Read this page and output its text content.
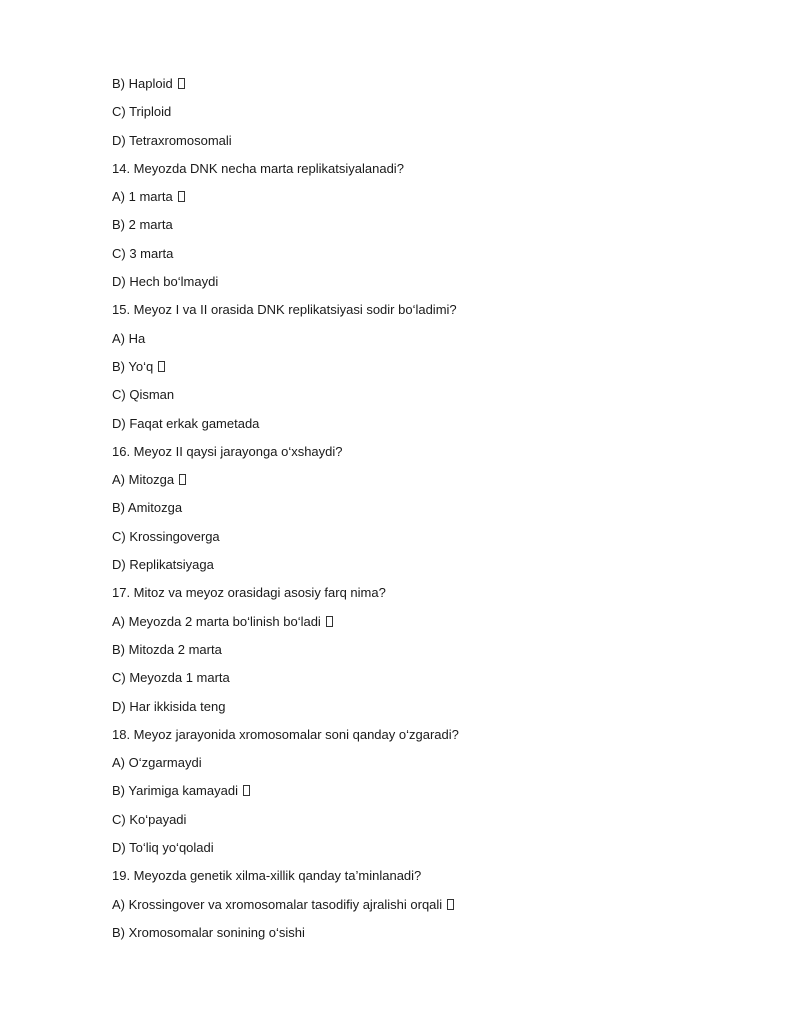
B) Haploid
C) Triploid
D) Tetraxromosomali
14. Meyozda DNK necha marta replikatsiyalanadi?
A) 1 marta
B) 2 marta
C) 3 marta
D) Hech bo‘lmaydi
15. Meyoz I va II orasida DNK replikatsiyasi sodir bo‘ladimi?
A) Ha
B) Yo‘q
C) Qisman
D) Faqat erkak gametada
16. Meyoz II qaysi jarayonga o‘xshaydi?
A) Mitozga
B) Amitozga
C) Krossingoverga
D) Replikatsiyaga
17. Mitoz va meyoz orasidagi asosiy farq nima?
A) Meyozda 2 marta bo‘linish bo‘ladi
B) Mitozda 2 marta
C) Meyozda 1 marta
D) Har ikkisida teng
18. Meyoz jarayonida xromosomalar soni qanday o‘zgaradi?
A) O‘zgarmaydi
B) Yarimiga kamayadi
C) Ko‘payadi
D) To‘liq yo‘qoladi
19. Meyozda genetik xilma-xillik qanday ta’minlanadi?
A) Krossingover va xromosomalar tasodifiy ajralishi orqali
B) Xromosomalar sonining o‘sishi
